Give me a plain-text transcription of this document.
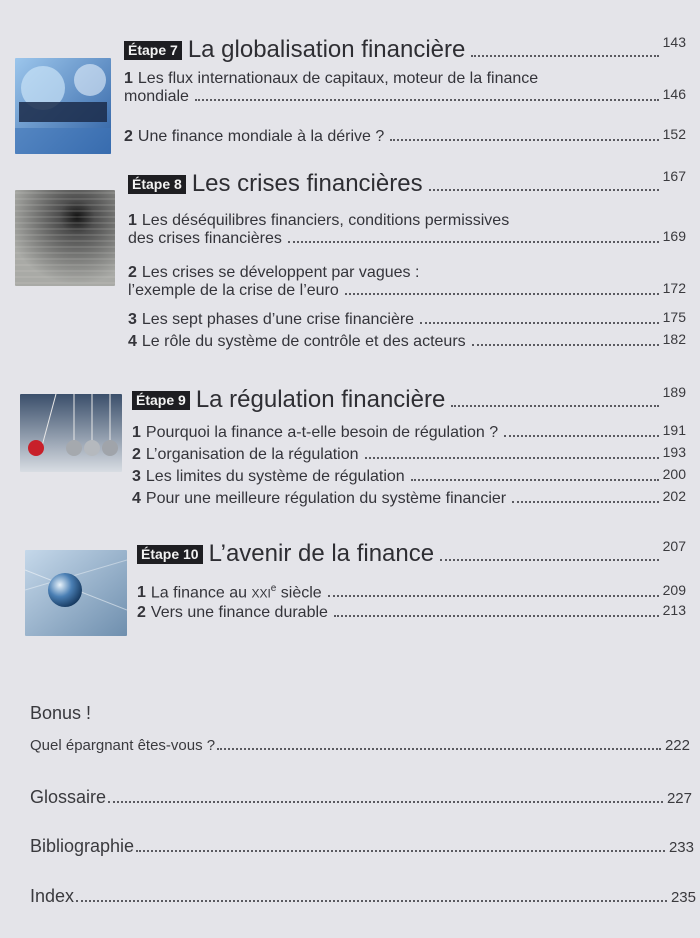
Étape 7 La globalisation financière	143
1 Les flux internationaux de capitaux, moteur de la finance
mondiale	146
2 Une finance mondiale à la dérive ?	152
Étape 8 Les crises financières	167
1 Les déséquilibres financiers, conditions permissives
des crises financières	169
2 Les crises se développent par vagues :
l’exemple de la crise de l’euro	172
3 Les sept phases d’une crise financière	175
4 Le rôle du système de contrôle et des acteurs	182
Étape 9 La régulation financière	189
1 Pourquoi la finance a-t-elle besoin de régulation ?	191
2 L’organisation de la régulation	193
3 Les limites du système de régulation	200
4 Pour une meilleure régulation du système financier	202
Étape 10 L’avenir de la finance	207
1 La finance au XXIe siècle	209
2 Vers une finance durable	213
Bonus !
Quel épargnant êtes-vous ?	222
Glossaire	227
Bibliographie	233
Index	235
